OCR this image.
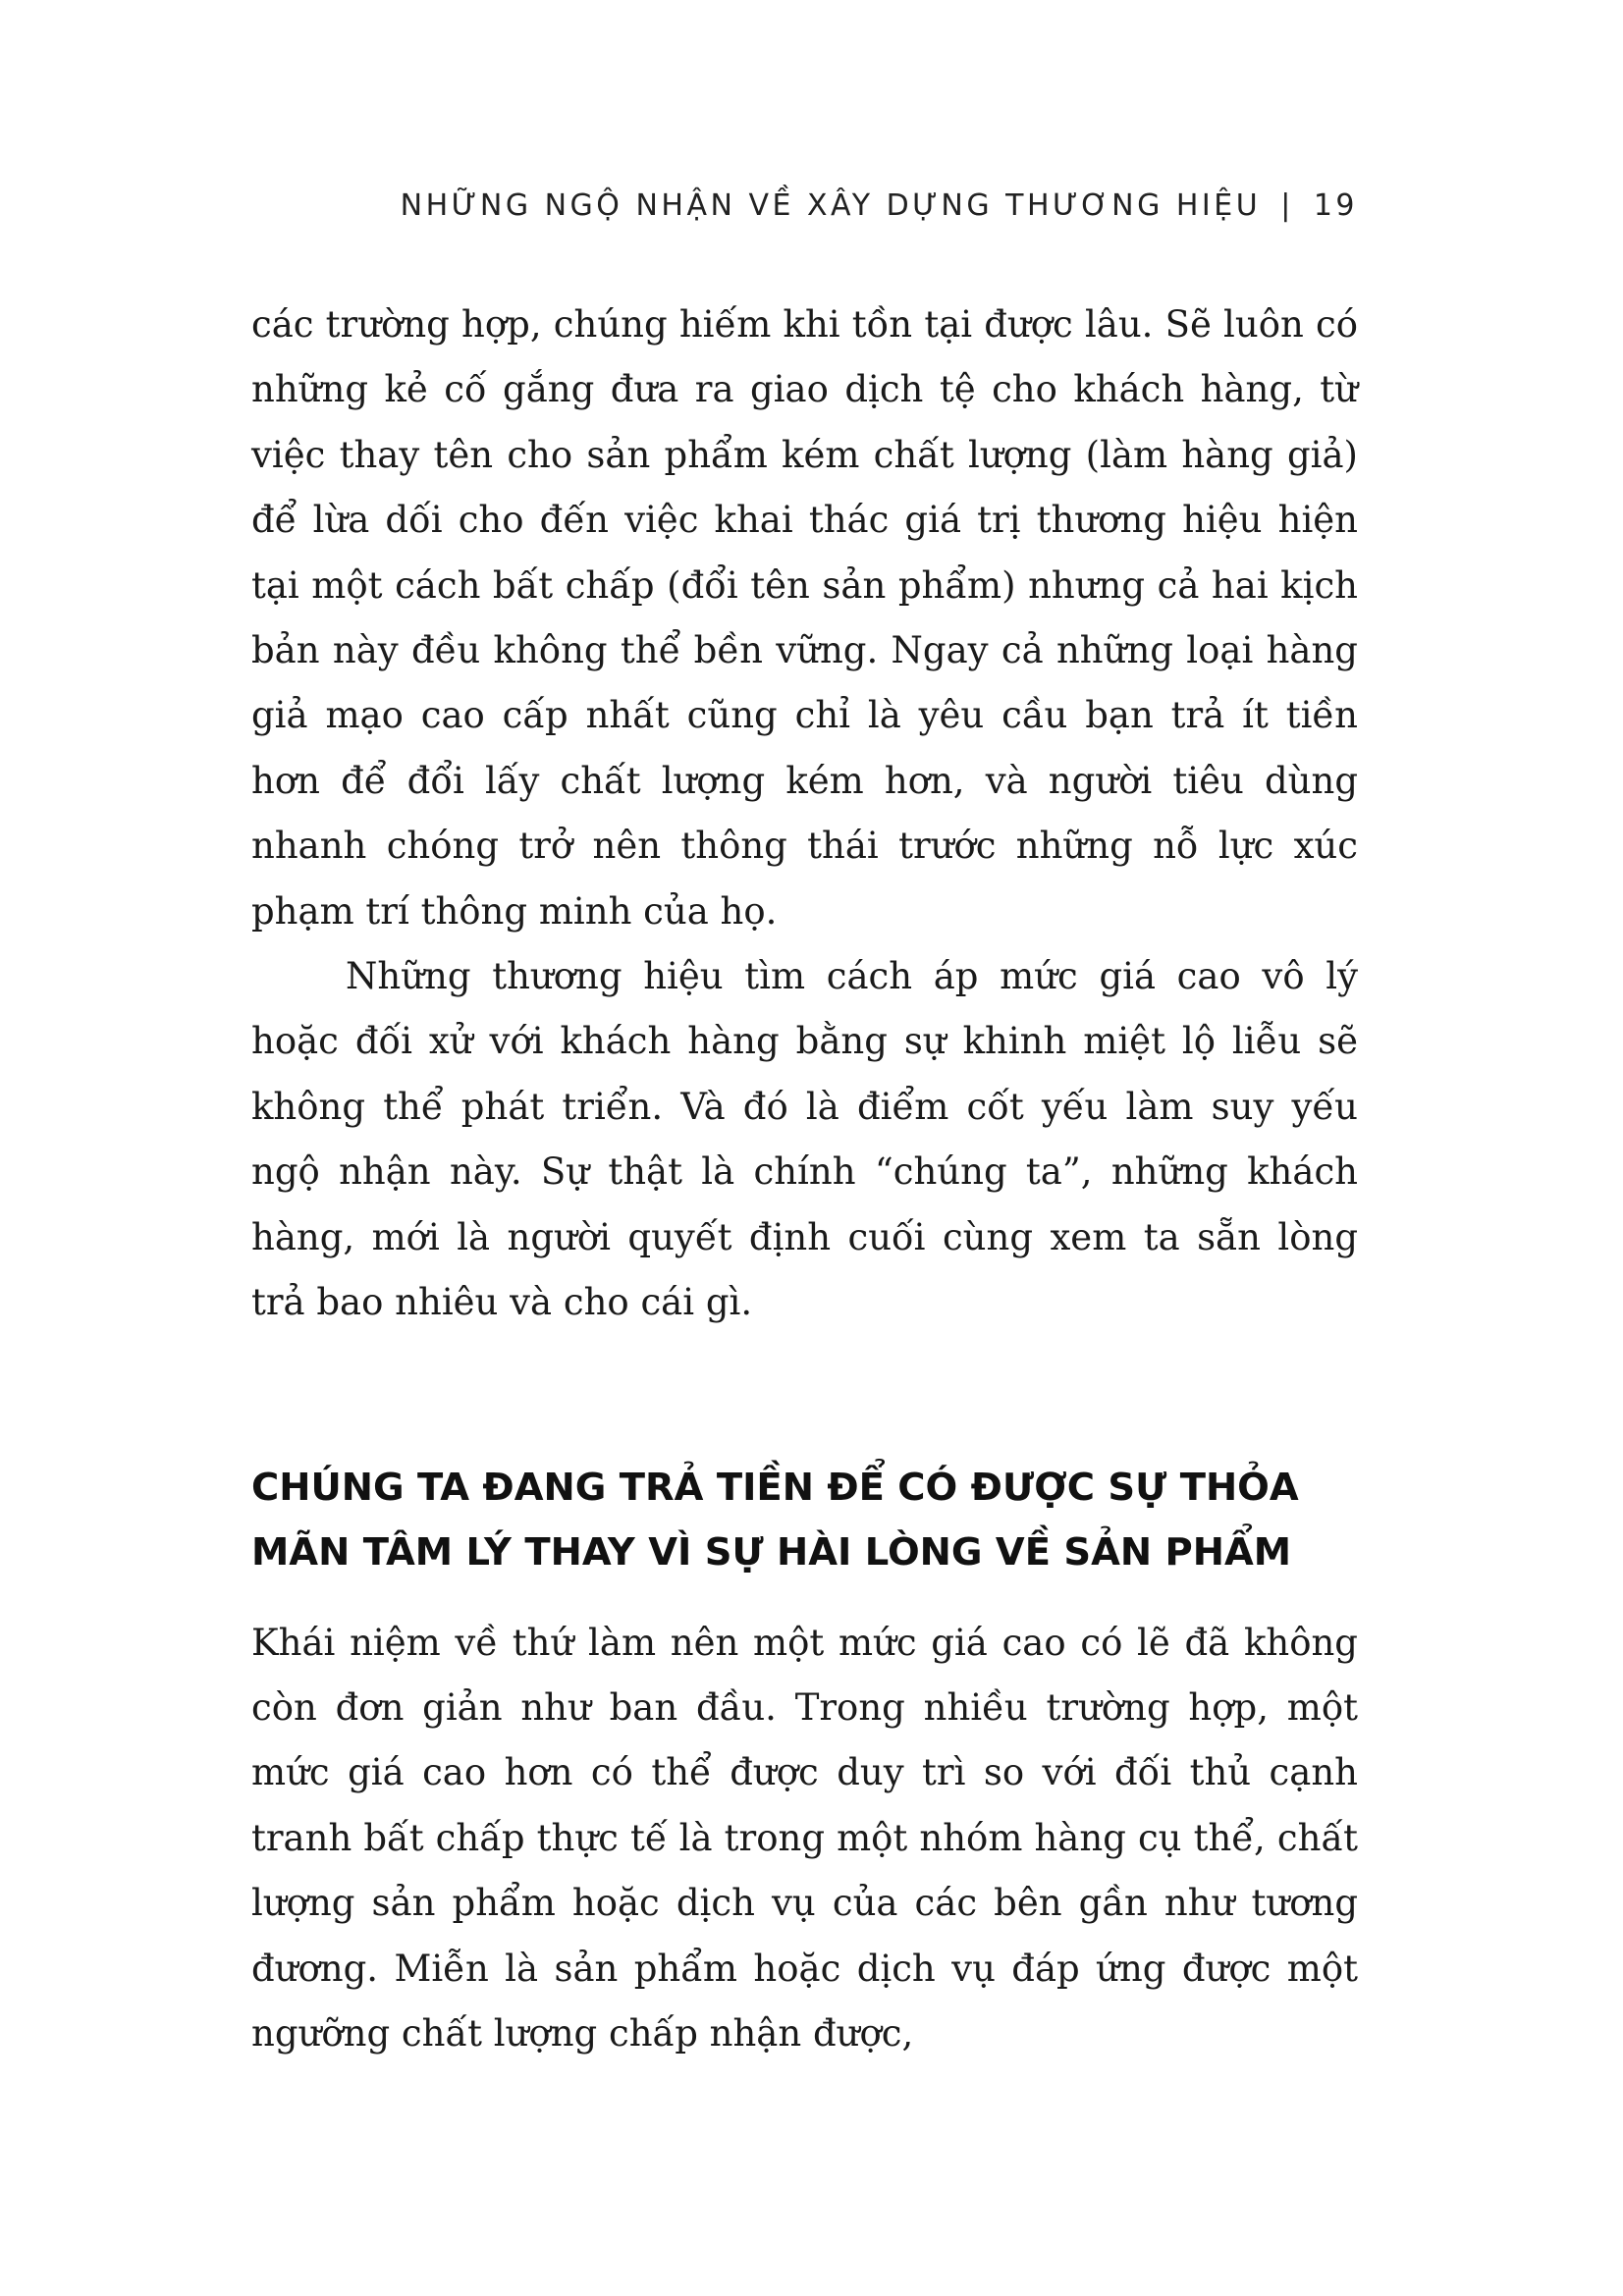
NHỮNG NGỘ NHẬN VỀ XÂY DỰNG THƯƠNG HIỆU | 19

các trường hợp, chúng hiếm khi tồn tại được lâu. Sẽ luôn có những kẻ cố gắng đưa ra giao dịch tệ cho khách hàng, từ việc thay tên cho sản phẩm kém chất lượng (làm hàng giả) để lừa dối cho đến việc khai thác giá trị thương hiệu hiện tại một cách bất chấp (đổi tên sản phẩm) nhưng cả hai kịch bản này đều không thể bền vững. Ngay cả những loại hàng giả mạo cao cấp nhất cũng chỉ là yêu cầu bạn trả ít tiền hơn để đổi lấy chất lượng kém hơn, và người tiêu dùng nhanh chóng trở nên thông thái trước những nỗ lực xúc phạm trí thông minh của họ.

Những thương hiệu tìm cách áp mức giá cao vô lý hoặc đối xử với khách hàng bằng sự khinh miệt lộ liễu sẽ không thể phát triển. Và đó là điểm cốt yếu làm suy yếu ngộ nhận này. Sự thật là chính “chúng ta”, những khách hàng, mới là người quyết định cuối cùng xem ta sẵn lòng trả bao nhiêu và cho cái gì.

CHÚNG TA ĐANG TRẢ TIỀN ĐỂ CÓ ĐƯỢC SỰ THỎA MÃN TÂM LÝ THAY VÌ SỰ HÀI LÒNG VỀ SẢN PHẨM

Khái niệm về thứ làm nên một mức giá cao có lẽ đã không còn đơn giản như ban đầu. Trong nhiều trường hợp, một mức giá cao hơn có thể được duy trì so với đối thủ cạnh tranh bất chấp thực tế là trong một nhóm hàng cụ thể, chất lượng sản phẩm hoặc dịch vụ của các bên gần như tương đương. Miễn là sản phẩm hoặc dịch vụ đáp ứng được một ngưỡng chất lượng chấp nhận được,
